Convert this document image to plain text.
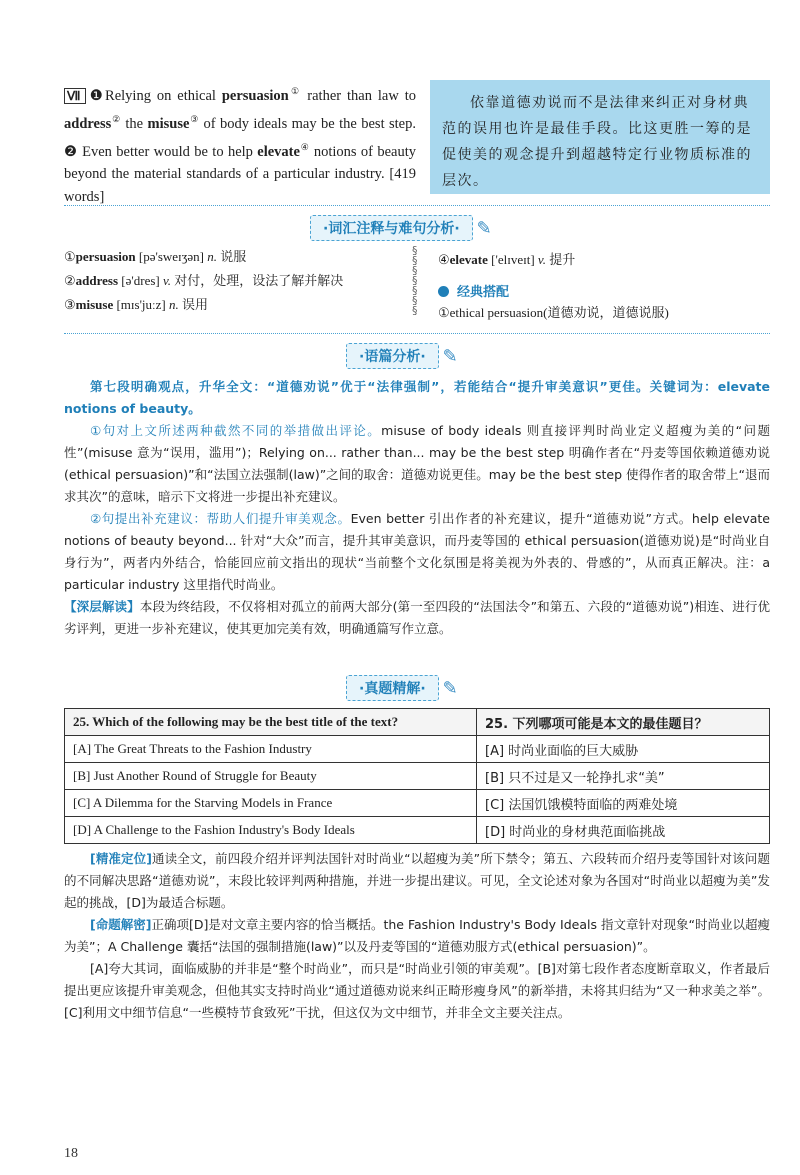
Ⅶ ❶Relying on ethical persuasion① rather than law to address② the misuse③ of body ideals may be the best step. ❷ Even better would be to help elevate④ notions of beauty beyond the material standards of a particular industry. [419 words]
依靠道德劝说而不是法律来纠正对身材典范的误用也许是最佳手段。比这更胜一筹的是促使美的观念提升到超越特定行业物质标准的层次。
·词汇注释与难句分析· ✎
①persuasion [pə'sweɪʒən] n. 说服
②address [ə'dres] v. 对付，处理，设法了解并解决
③misuse [mɪs'juːz] n. 误用
§
§
§
§
§
§
§
④elevate ['elɪveɪt] v. 提升
经典搭配
①ethical persuasion(道德劝说，道德说服)
·语篇分析· ✎
第七段明确观点，升华全文：“道德劝说”优于“法律强制”，若能结合“提升审美意识”更佳。关键词为：elevate notions of beauty。
①句对上文所述两种截然不同的举措做出评论。misuse of body ideals 则直接评判时尚业定义超瘦为美的“问题性”(misuse 意为“误用，滥用”)；Relying on... rather than... may be the best step 明确作者在“丹麦等国依赖道德劝说(ethical persuasion)”和“法国立法强制(law)”之间的取舍：道德劝说更佳。may be the best step 使得作者的取舍带上“退而求其次”的意味，暗示下文将进一步提出补充建议。
②句提出补充建议：帮助人们提升审美观念。Even better 引出作者的补充建议，提升“道德劝说”方式。help elevate notions of beauty beyond... 针对“大众”而言，提升其审美意识，而丹麦等国的 ethical persuasion(道德劝说)是“时尚业自身行为”，两者内外结合，恰能回应前文指出的现状“当前整个文化氛围是将美视为外表的、骨感的”，从而真正解决。注：a particular industry 这里指代时尚业。
【深层解读】本段为终结段，不仅将相对孤立的前两大部分(第一至四段的“法国法令”和第五、六段的“道德劝说”)相连、进行优劣评判，更进一步补充建议，使其更加完美有效，明确通篇写作立意。
·真题精解· ✎
25. Which of the following may be the best title of the text?	25. 下列哪项可能是本文的最佳题目？
[A] The Great Threats to the Fashion Industry	[A] 时尚业面临的巨大威胁
[B] Just Another Round of Struggle for Beauty	[B] 只不过是又一轮挣扎求“美”
[C] A Dilemma for the Starving Models in France	[C] 法国饥饿模特面临的两难处境
[D] A Challenge to the Fashion Industry's Body Ideals	[D] 时尚业的身材典范面临挑战
[精准定位]通读全文，前四段介绍并评判法国针对时尚业“以超瘦为美”所下禁令；第五、六段转而介绍丹麦等国针对该问题的不同解决思路“道德劝说”，末段比较评判两种措施，并进一步提出建议。可见，全文论述对象为各国对“时尚业以超瘦为美”发起的挑战，[D]为最适合标题。
[命题解密]正确项[D]是对文章主要内容的恰当概括。the Fashion Industry's Body Ideals 指文章针对现象“时尚业以超瘦为美”；A Challenge 囊括“法国的强制措施(law)”以及丹麦等国的“道德劝服方式(ethical persuasion)”。
[A]夸大其词，面临威胁的并非是“整个时尚业”，而只是“时尚业引领的审美观”。[B]对第七段作者态度断章取义，作者最后提出更应该提升审美观念，但他其实支持时尚业“通过道德劝说来纠正畸形瘦身风”的新举措，未将其归结为“又一种求美之举”。[C]利用文中细节信息“一些模特节食致死”干扰，但这仅为文中细节，并非全文主要关注点。
18
